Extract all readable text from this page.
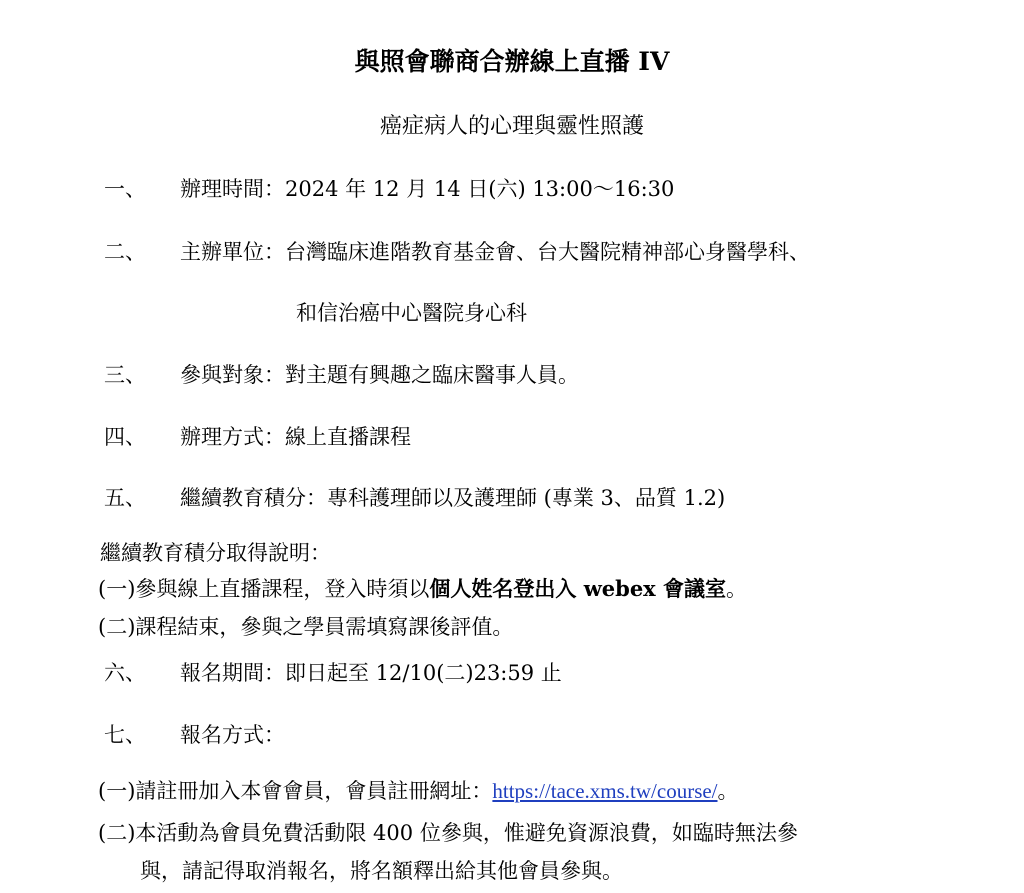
與照會聯商合辦線上直播 IV
癌症病人的心理與靈性照護
一、 辦理時間：2024 年 12 月 14 日(六) 13:00～16:30
二、 主辦單位：台灣臨床進階教育基金會、台大醫院精神部心身醫學科、
和信治癌中心醫院身心科
三、 參與對象：對主題有興趣之臨床醫事人員。
四、 辦理方式：線上直播課程
五、 繼續教育積分：專科護理師以及護理師 (專業 3、品質 1.2)
繼續教育積分取得說明：
(一)參與線上直播課程，登入時須以個人姓名登出入 webex 會議室。
(二)課程結束，參與之學員需填寫課後評值。
六、 報名期間：即日起至 12/10(二)23:59 止
七、 報名方式：
(一)請註冊加入本會會員，會員註冊網址：https://tace.xms.tw/course/。
(二)本活動為會員免費活動限 400 位參與，惟避免資源浪費，如臨時無法參
與，請記得取消報名，將名額釋出給其他會員參與。
